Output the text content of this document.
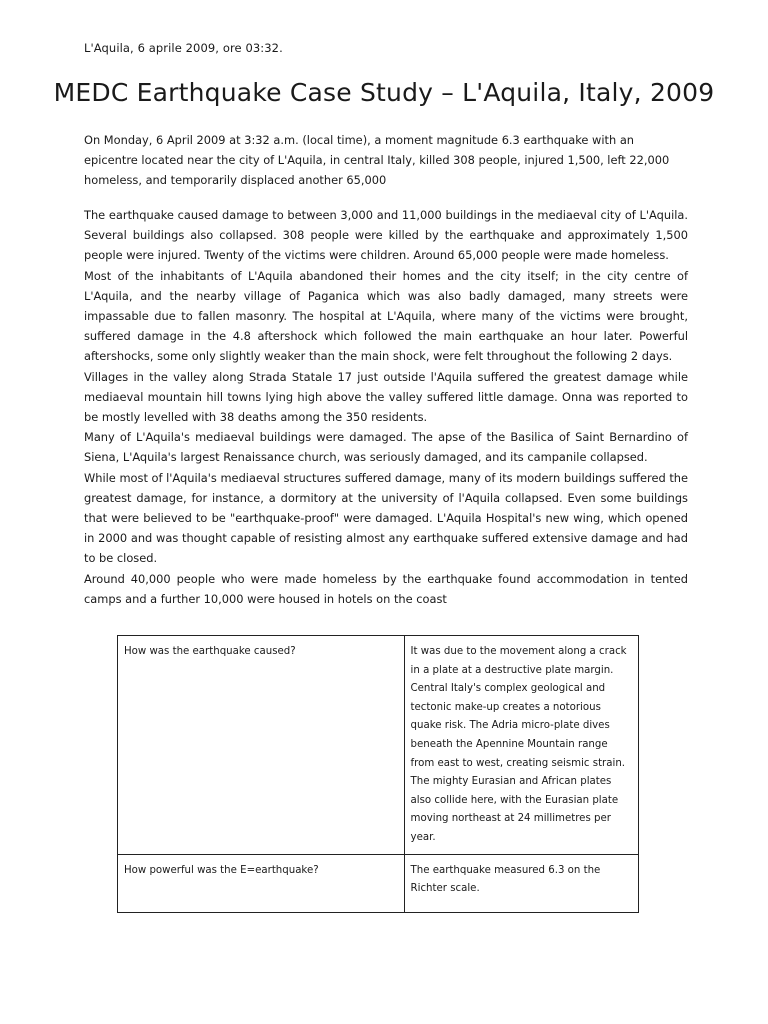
L'Aquila, 6 aprile 2009, ore 03:32.
MEDC Earthquake Case Study – L'Aquila, Italy, 2009

On Monday, 6 April 2009 at 3:32 a.m. (local time), a moment magnitude 6.3 earthquake with an epicentre located near the city of L'Aquila, in central Italy, killed 308 people, injured 1,500, left 22,000 homeless, and temporarily displaced another 65,000

The earthquake caused damage to between 3,000 and 11,000 buildings in the mediaeval city of L'Aquila. Several buildings also collapsed. 308 people were killed by the earthquake and approximately 1,500 people were injured. Twenty of the victims were children. Around 65,000 people were made homeless.

Most of the inhabitants of L'Aquila abandoned their homes and the city itself; in the city centre of L'Aquila, and the nearby village of Paganica which was also badly damaged, many streets were impassable due to fallen masonry. The hospital at L'Aquila, where many of the victims were brought, suffered damage in the 4.8 aftershock which followed the main earthquake an hour later. Powerful aftershocks, some only slightly weaker than the main shock, were felt throughout the following 2 days.

Villages in the valley along Strada Statale 17 just outside l'Aquila suffered the greatest damage while mediaeval mountain hill towns lying high above the valley suffered little damage. Onna was reported to be mostly levelled with 38 deaths among the 350 residents.

Many of L'Aquila's mediaeval buildings were damaged. The apse of the Basilica of Saint Bernardino of Siena, L'Aquila's largest Renaissance church, was seriously damaged, and its campanile collapsed.

While most of l'Aquila's mediaeval structures suffered damage, many of its modern buildings suffered the greatest damage, for instance, a dormitory at the university of l'Aquila collapsed. Even some buildings that were believed to be "earthquake-proof" were damaged. L'Aquila Hospital's new wing, which opened in 2000 and was thought capable of resisting almost any earthquake suffered extensive damage and had to be closed.

Around 40,000 people who were made homeless by the earthquake found accommodation in tented camps and a further 10,000 were housed in hotels on the coast

How was the earthquake caused?	It was due to the movement along a crack in a plate at a destructive plate margin. Central Italy's complex geological and tectonic make-up creates a notorious quake risk. The Adria micro-plate dives beneath the Apennine Mountain range from east to west, creating seismic strain. The mighty Eurasian and African plates also collide here, with the Eurasian plate moving northeast at 24 millimetres per year.
How powerful was the E=earthquake?	The earthquake measured 6.3 on the Richter scale.
